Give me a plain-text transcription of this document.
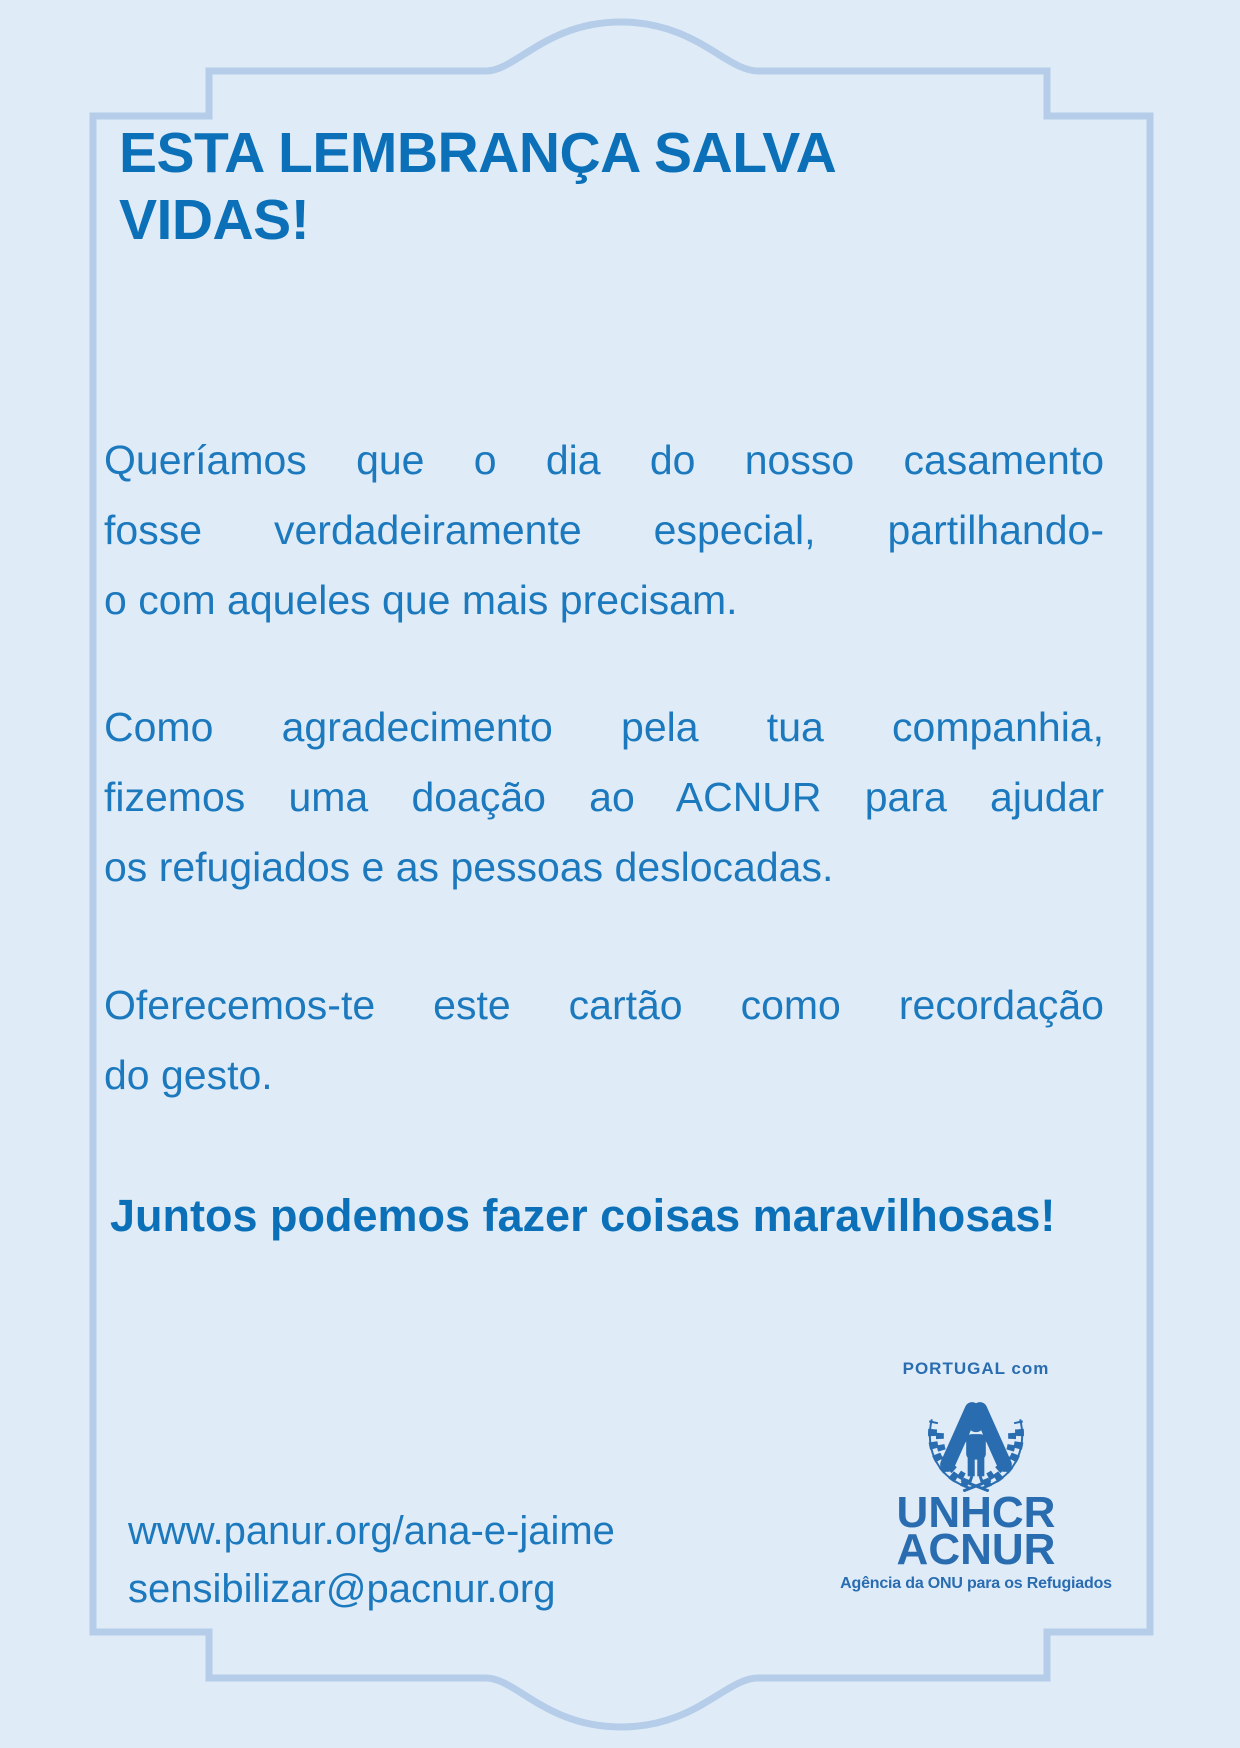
ESTA LEMBRANÇA SALVA
VIDAS!
Queríamos que o dia do nosso casamento
fosse verdadeiramente especial, partilhando-
o com aqueles que mais precisam.
Como agradecimento pela tua companhia,
fizemos uma doação ao ACNUR para ajudar
os refugiados e as pessoas deslocadas.
Oferecemos-te este cartão como recordação
do gesto.
Juntos podemos fazer coisas maravilhosas!
www.panur.org/ana-e-jaime
sensibilizar@pacnur.org
PORTUGAL com
UNHCR
ACNUR
Agência da ONU para os Refugiados
